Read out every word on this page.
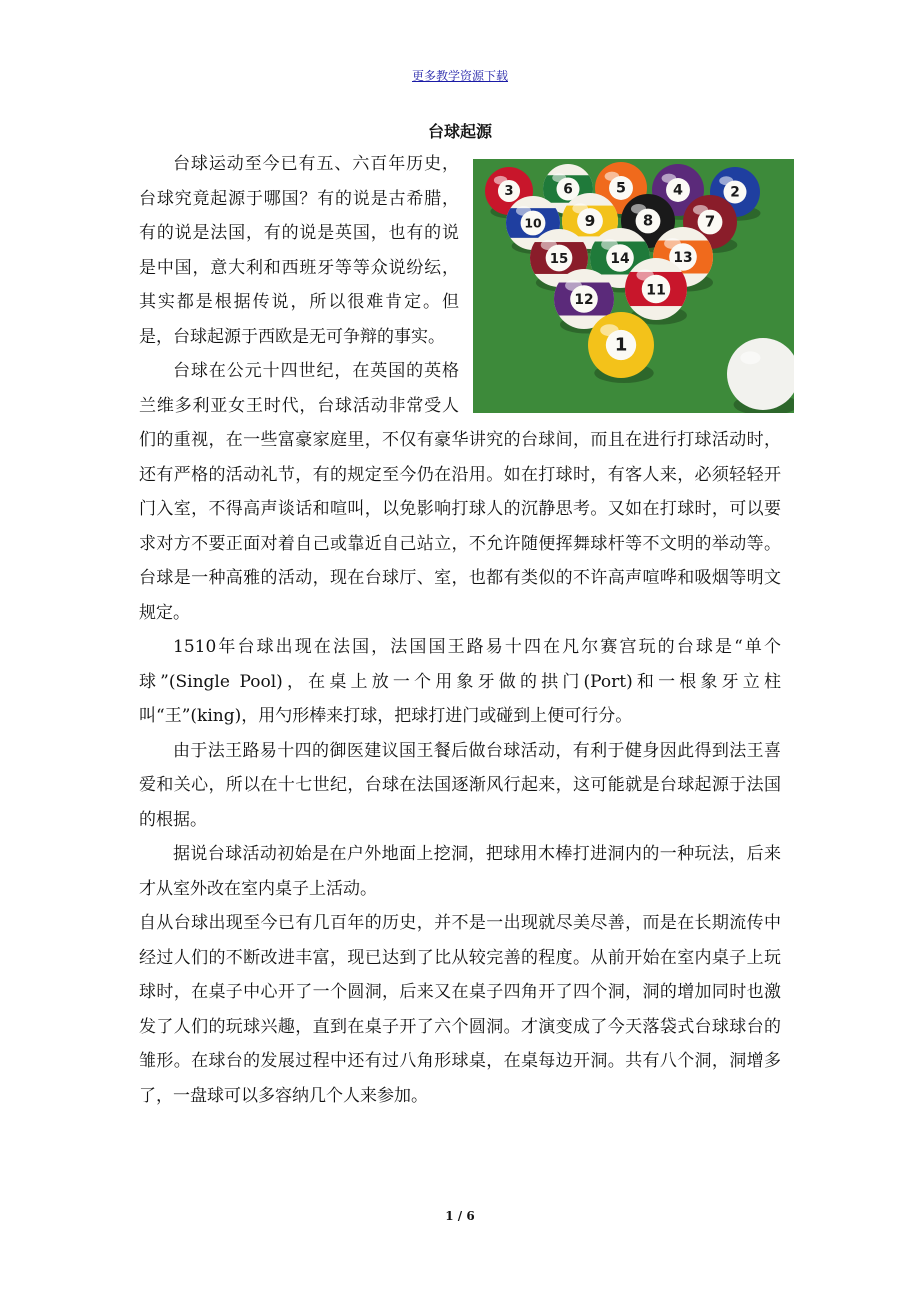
更多教学资源下载
台球起源
3	6	5	4	2
10	9	8	7
15	14	13
12
11
1

台球运动至今已有五、六百年历史，台球究竟起源于哪国？有的说是古希腊，有的说是法国，有的说是英国，也有的说是中国，意大利和西班牙等等众说纷纭，其实都是根据传说，所以很难肯定。但是，台球起源于西欧是无可争辩的事实。

台球在公元十四世纪，在英国的英格兰维多利亚女王时代，台球活动非常受人们的重视，在一些富豪家庭里，不仅有豪华讲究的台球间，而且在进行打球活动时，还有严格的活动礼节，有的规定至今仍在沿用。如在打球时，有客人来，必须轻轻开门入室，不得高声谈话和喧叫，以免影响打球人的沉静思考。又如在打球时，可以要求对方不要正面对着自己或靠近自己站立，不允许随便挥舞球杆等不文明的举动等。台球是一种高雅的活动，现在台球厅、室，也都有类似的不许高声喧哗和吸烟等明文规定。

1510年台球出现在法国，法国国王路易十四在凡尔赛宫玩的台球是“单个球”(Single Pool)，在桌上放一个用象牙做的拱门(Port)和一根象牙立柱叫“王”(king)，用勺形棒来打球，把球打进门或碰到上便可行分。

由于法王路易十四的御医建议国王餐后做台球活动，有利于健身因此得到法王喜爱和关心，所以在十七世纪，台球在法国逐渐风行起来，这可能就是台球起源于法国的根据。

据说台球活动初始是在户外地面上挖洞，把球用木棒打进洞内的一种玩法，后来才从室外改在室内桌子上活动。

自从台球出现至今已有几百年的历史，并不是一出现就尽美尽善，而是在长期流传中经过人们的不断改进丰富，现已达到了比从较完善的程度。从前开始在室内桌子上玩球时，在桌子中心开了一个圆洞，后来又在桌子四角开了四个洞，洞的增加同时也激发了人们的玩球兴趣，直到在桌子开了六个圆洞。才演变成了今天落袋式台球球台的雏形。在球台的发展过程中还有过八角形球桌，在桌每边开洞。共有八个洞，洞增多了，一盘球可以多容纳几个人来参加。

1 / 6
